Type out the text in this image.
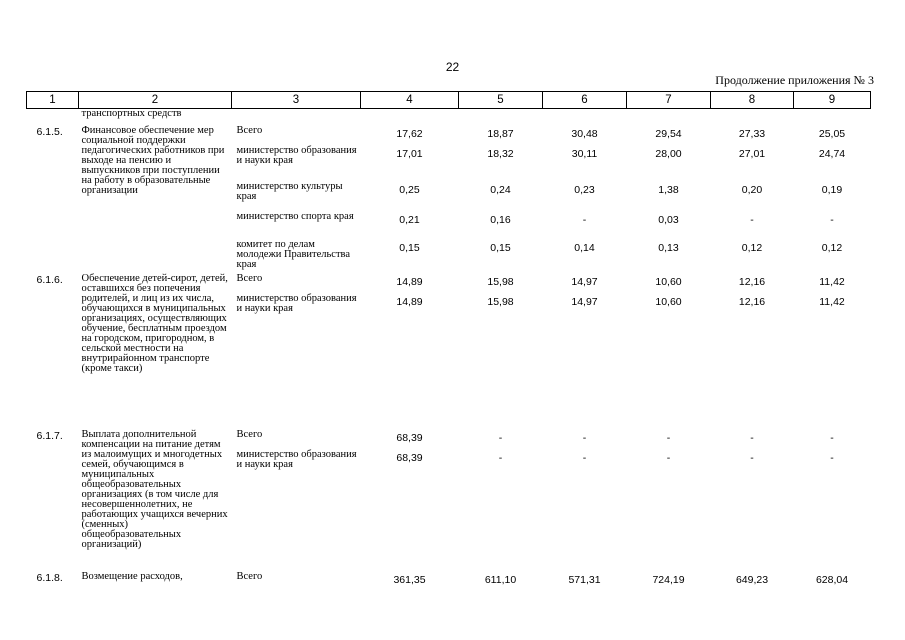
22
Продолжение приложения № 3
1	2	3	4	5	6	7	8	9
	транспортных средств							
6.1.5.	Финансовое обеспечение мер социальной поддержки педагогических работников при выходе на пенсию и выпускников при поступлении на работу в образовательные организации	Всего	17,62	18,87	30,48	29,54	27,33	25,05
		министерство образования и науки края	17,01	18,32	30,11	28,00	27,01	24,74
		министерство культуры края	0,25	0,24	0,23	1,38	0,20	0,19
		министерство спорта края	0,21	0,16	-	0,03	-	-
		комитет по делам молодежи Правительства края	0,15	0,15	0,14	0,13	0,12	0,12
6.1.6.	Обеспечение детей-сирот, детей, оставшихся без попечения родителей, и лиц из их числа, обучающихся в муниципальных организациях, осуществляющих обучение, бесплатным проездом на городском, пригородном, в сельской местности на внутрирайонном транспорте (кроме такси)	Всего	14,89	15,98	14,97	10,60	12,16	11,42
		министерство образования и науки края	14,89	15,98	14,97	10,60	12,16	11,42
6.1.7.	Выплата дополнительной компенсации на питание детям из малоимущих и многодетных семей, обучающимся в муниципальных общеобразовательных организациях (в том числе для несовершеннолетних, не работающих учащихся вечерних (сменных) общеобразовательных организаций)	Всего	68,39	-	-	-	-	-
		министерство образования и науки края	68,39	-	-	-	-	-
6.1.8.	Возмещение расходов,	Всего	361,35	611,10	571,31	724,19	649,23	628,04
